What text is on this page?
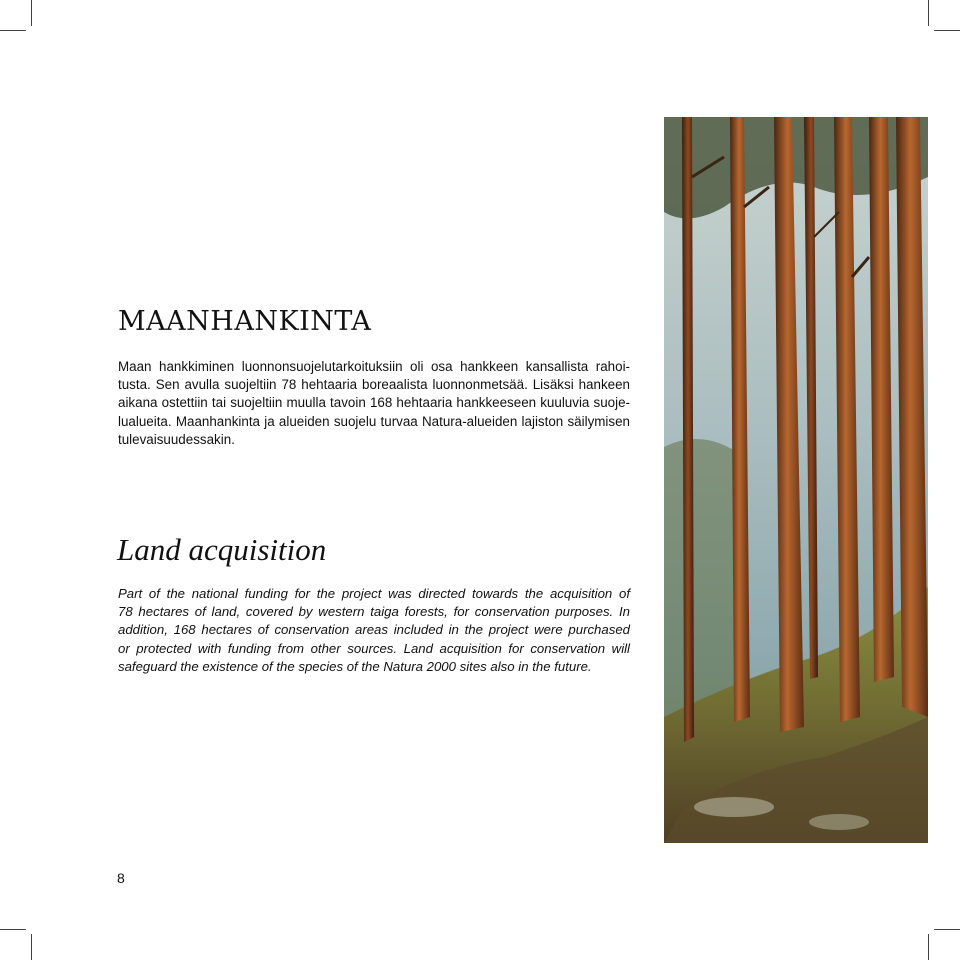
MAANHANKINTA

Maan hankkiminen luonnonsuojelutarkoituksiin oli osa hankkeen kansallista rahoi-
tusta. Sen avulla suojeltiin 78 hehtaaria boreaalista luonnonmetsää. Lisäksi hankeen
aikana ostettiin tai suojeltiin muulla tavoin 168 hehtaaria hankkeeseen kuuluvia suoje-
lualueita. Maanhankinta ja alueiden suojelu turvaa Natura-alueiden lajiston säilymisen
tulevaisuudessakin.

Land acquisition

Part of the national funding for the project was directed towards the acquisition of
78 hectares of land, covered by western taiga forests, for conservation purposes. In
addition, 168 hectares of conservation areas included in the project were purchased
or protected with funding from other sources. Land acquisition for conservation will
safeguard the existence of the species of the Natura 2000 sites also in the future.

8
